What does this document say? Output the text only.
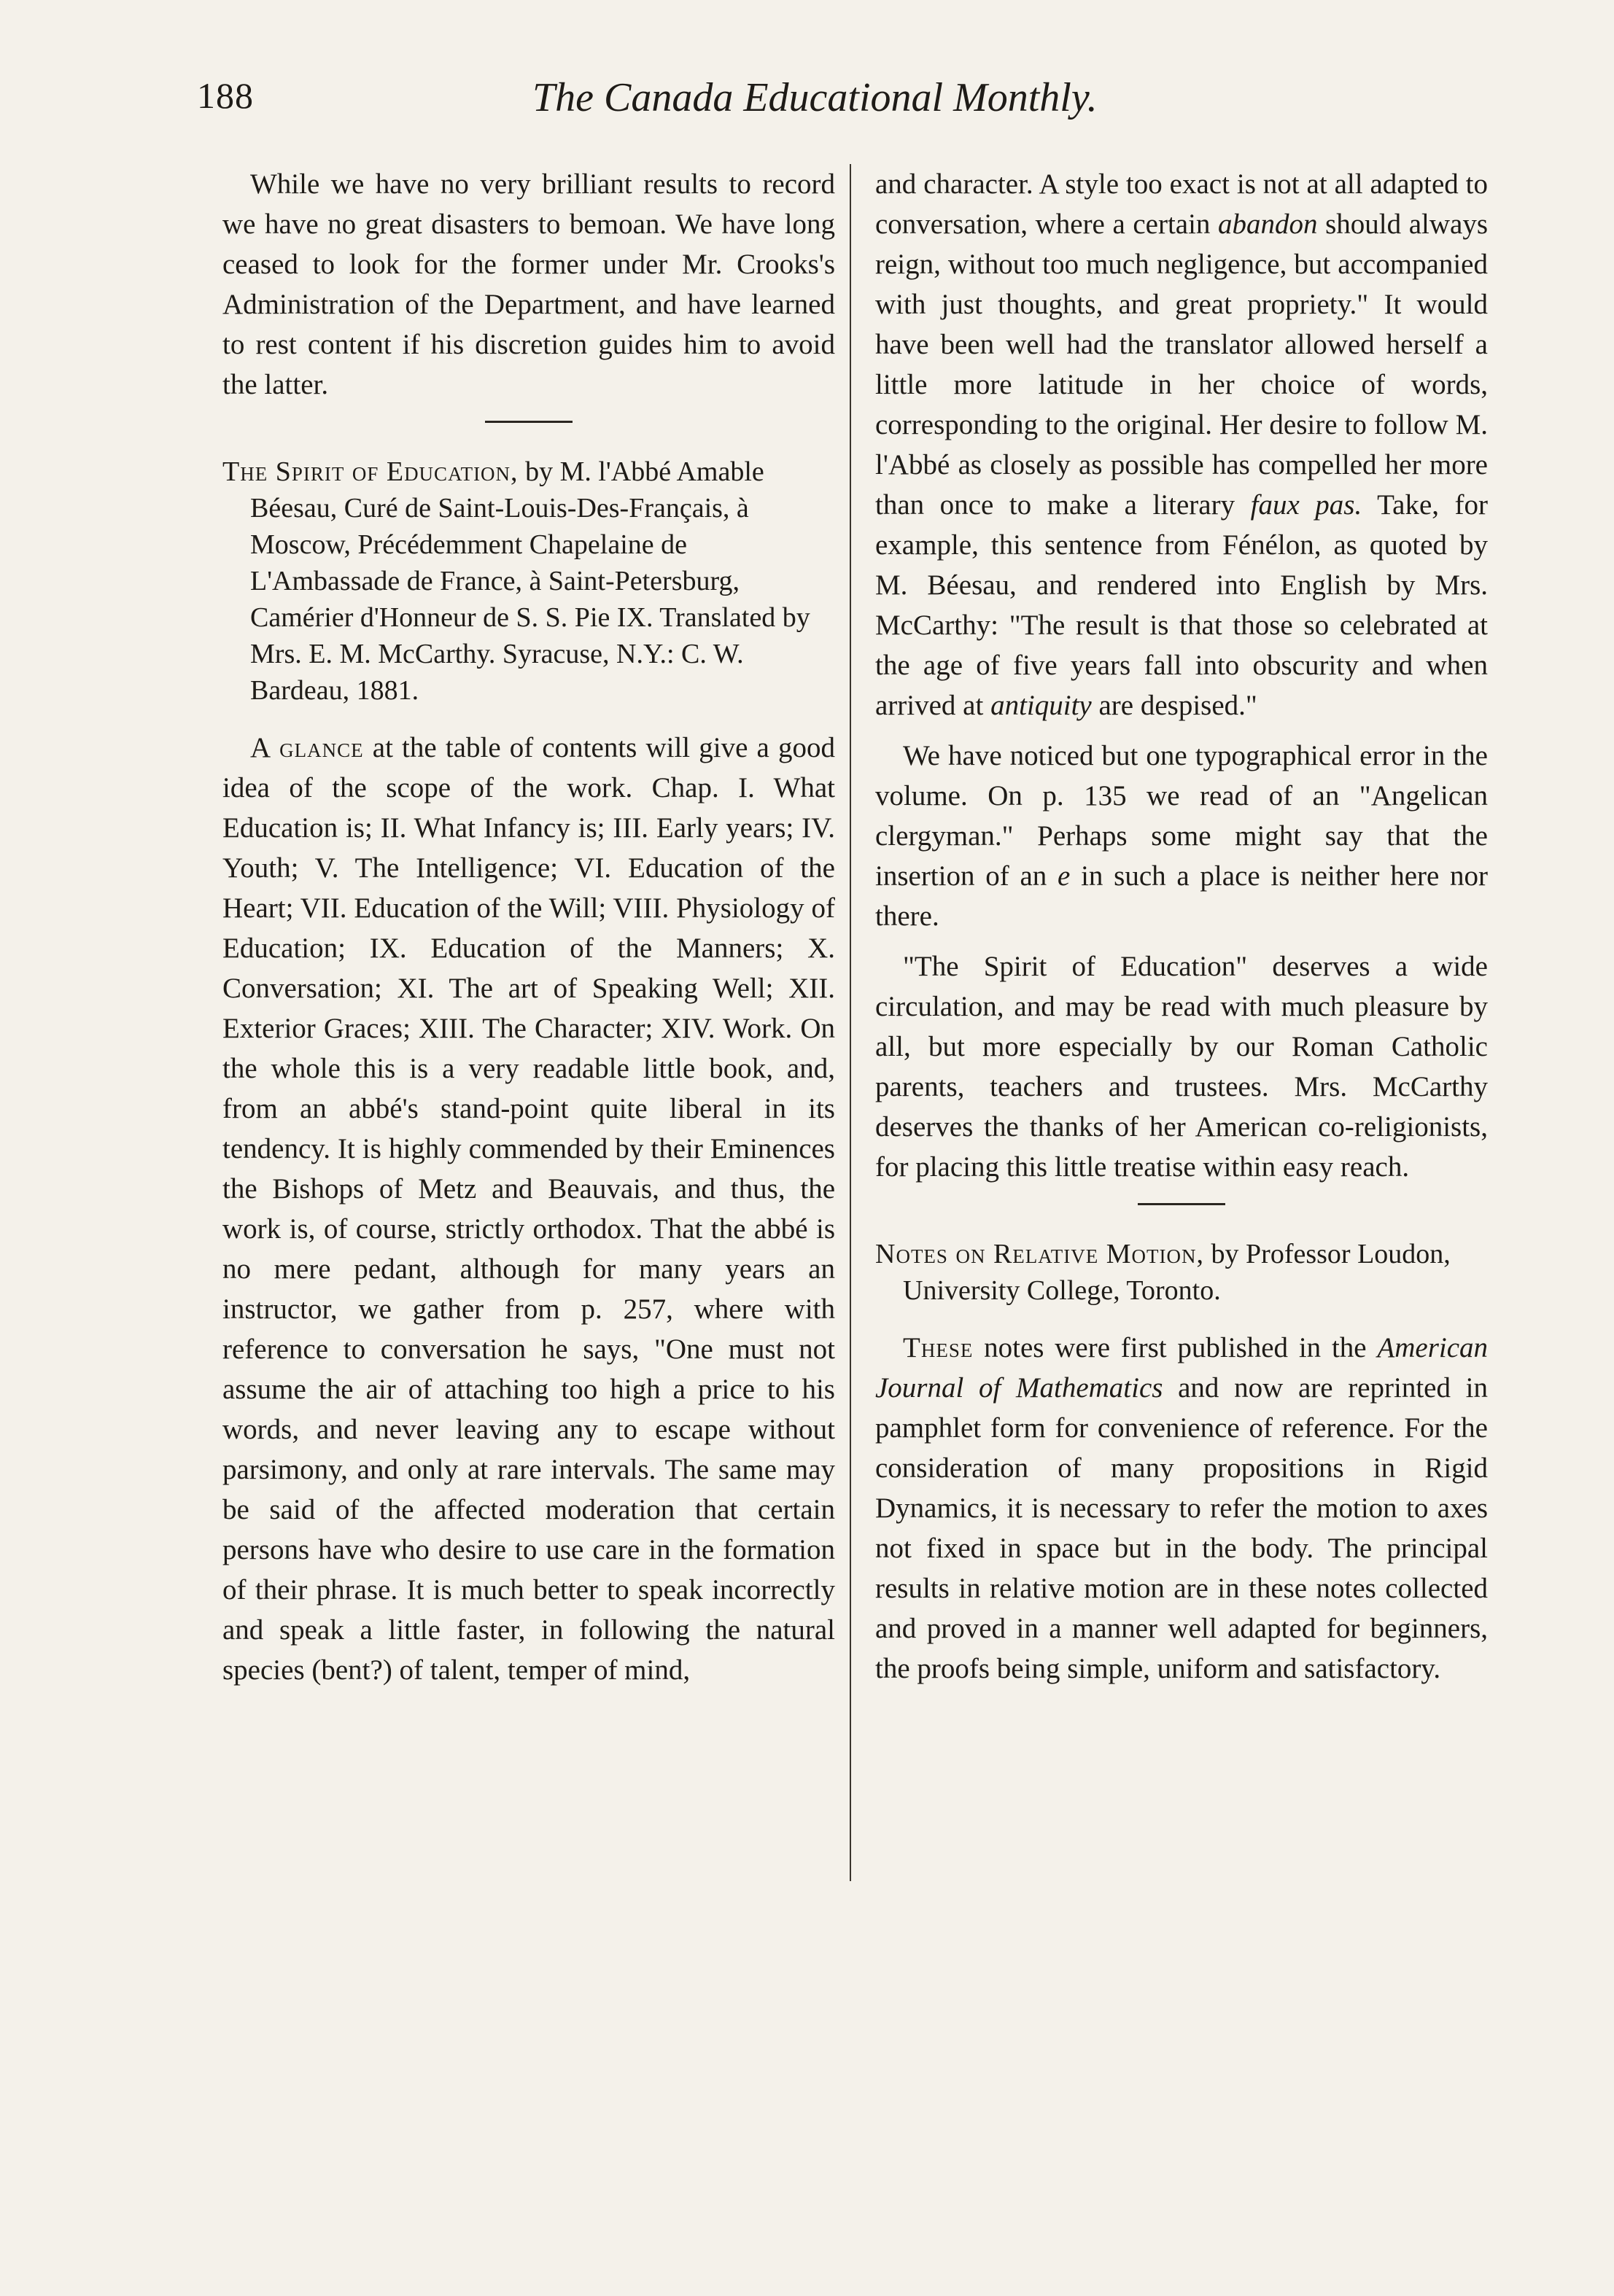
188	The Canada Educational Monthly.

While we have no very brilliant results to record we have no great disasters to bemoan. We have long ceased to look for the former under Mr. Crooks's Administration of the Department, and have learned to rest content if his discretion guides him to avoid the latter.

The Spirit of Education, by M. l'Abbé Amable Béesau, Curé de Saint-Louis-Des-Français, à Moscow, Précédemment Chapelaine de L'Ambassade de France, à Saint-Petersburg, Camérier d'Honneur de S. S. Pie IX. Translated by Mrs. E. M. McCarthy. Syracuse, N.Y.: C. W. Bardeau, 1881.

A glance at the table of contents will give a good idea of the scope of the work. Chap. I. What Education is; II. What Infancy is; III. Early years; IV. Youth; V. The Intelligence; VI. Education of the Heart; VII. Education of the Will; VIII. Physiology of Education; IX. Education of the Manners; X. Conversation; XI. The art of Speaking Well; XII. Exterior Graces; XIII. The Character; XIV. Work. On the whole this is a very readable little book, and, from an abbé's stand-point quite liberal in its tendency. It is highly commended by their Eminences the Bishops of Metz and Beauvais, and thus, the work is, of course, strictly orthodox. That the abbé is no mere pedant, although for many years an instructor, we gather from p. 257, where with reference to conversation he says, "One must not assume the air of attaching too high a price to his words, and never leaving any to escape without parsimony, and only at rare intervals. The same may be said of the affected moderation that certain persons have who desire to use care in the formation of their phrase. It is much better to speak incorrectly and speak a little faster, in following the natural species (bent?) of talent, temper of mind,

and character. A style too exact is not at all adapted to conversation, where a certain abandon should always reign, without too much negligence, but accompanied with just thoughts, and great propriety." It would have been well had the translator allowed herself a little more latitude in her choice of words, corresponding to the original. Her desire to follow M. l'Abbé as closely as possible has compelled her more than once to make a literary faux pas. Take, for example, this sentence from Fénélon, as quoted by M. Béesau, and rendered into English by Mrs. McCarthy: "The result is that those so celebrated at the age of five years fall into obscurity and when arrived at antiquity are despised."

We have noticed but one typographical error in the volume. On p. 135 we read of an "Angelican clergyman." Perhaps some might say that the insertion of an e in such a place is neither here nor there.

"The Spirit of Education" deserves a wide circulation, and may be read with much pleasure by all, but more especially by our Roman Catholic parents, teachers and trustees. Mrs. McCarthy deserves the thanks of her American co-religionists, for placing this little treatise within easy reach.

Notes on Relative Motion, by Professor Loudon, University College, Toronto.

These notes were first published in the American Journal of Mathematics and now are reprinted in pamphlet form for convenience of reference. For the consideration of many propositions in Rigid Dynamics, it is necessary to refer the motion to axes not fixed in space but in the body. The principal results in relative motion are in these notes collected and proved in a manner well adapted for beginners, the proofs being simple, uniform and satisfactory.
